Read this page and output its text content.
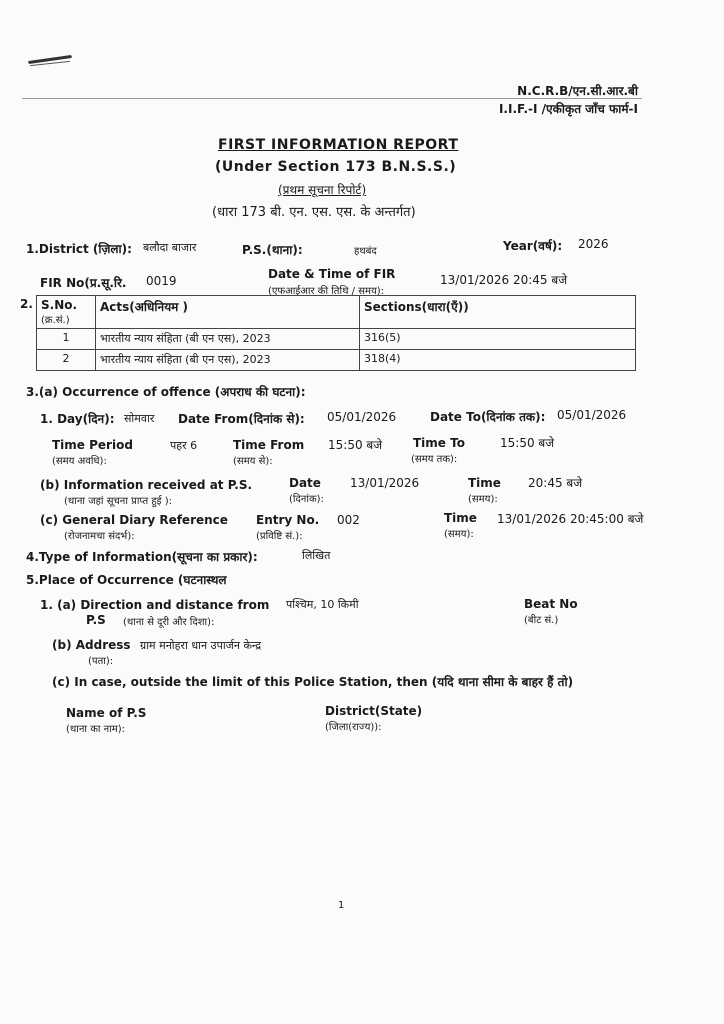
N.C.R.B/एन.सी.आर.बी
I.I.F.-I /एकीकृत जाँच फार्म-I
FIRST INFORMATION REPORT
(Under Section 173 B.N.S.S.)
(प्रथम सूचना रिपोर्ट)
(धारा 173 बी. एन. एस. एस. के अन्तर्गत)
1.District (ज़िला): बलौदा बाजार	P.S.(थाना):	हथबंद	Year(वर्ष): 2026
FIR No(प्र.सू.रि. 0019	Date & Time of FIR
(एफआईआर की तिथि / समय):
13/01/2026 20:45 बजे
2. S.No.
(क्र.सं.)	Acts(अधिनियम )	Sections(धारा(एँ))
1	भारतीय न्याय संहिता (बी एन एस), 2023	316(5)
2	भारतीय न्याय संहिता (बी एन एस), 2023	318(4)
3.(a) Occurrence of offence (अपराध की घटना):
1. Day(दिन): सोमवार Date From(दिनांक से): 05/01/2026	Date To(दिनांक तक): 05/01/2026
Time Period
(समय अवधि):
पहर 6	Time From
(समय से):
15:50 बजे	Time To
(समय तक):
15:50 बजे
(b) Information received at P.S.
(थाना जहां सूचना प्राप्त हुई ):
Date
(दिनांक):
13/01/2026	Time
(समय):
20:45 बजे
(c) General Diary Reference
(रोजनामचा संदर्भ):
Entry No.
(प्रविष्टि सं.):
002	Time
(समय):
13/01/2026 20:45:00 बजे
4.Type of Information(सूचना का प्रकार):	लिखित
5.Place of Occurrence (घटनास्थल
1. (a) Direction and distance from
P.S (थाना से दूरी और दिशा):
पश्चिम, 10 किमी	Beat No
(बीट सं.)
(b) Address ग्राम मनोहरा धान उपार्जन केन्द्र
(पता):
(c) In case, outside the limit of this Police Station, then (यदि थाना सीमा के बाहर हैं तो)
Name of P.S
(थाना का नाम):
District(State)
(जिला(राज्य)):
1
